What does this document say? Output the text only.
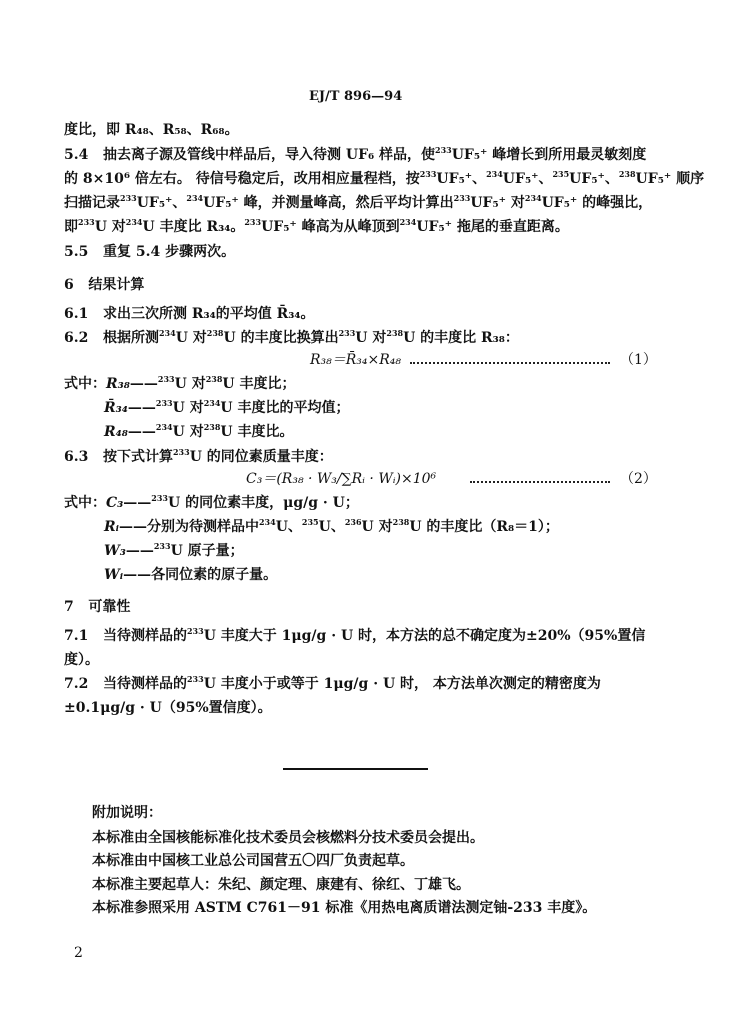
EJ/T 896—94
度比，即 R₄₈、R₅₈、R₆₈。
5.4 抽去离子源及管线中样品后，导入待测 UF₆ 样品，使$^{233}$UF₅⁺ 峰增长到所用最灵敏刻度
的 8×10⁶ 倍左右。 待信号稳定后，改用相应量程档，按$^{233}$UF₅⁺、$^{234}$UF₅⁺、$^{235}$UF₅⁺、$^{238}$UF₅⁺ 顺序
扫描记录$^{233}$UF₅⁺、$^{234}$UF₅⁺ 峰，并测量峰高，然后平均计算出$^{233}$UF₅⁺ 对$^{234}$UF₅⁺ 的峰强比，
即$^{233}$U 对$^{234}$U 丰度比 R₃₄。$^{233}$UF₅⁺ 峰高为从峰顶到$^{234}$UF₅⁺ 拖尾的垂直距离。
5.5 重复 5.4 步骤两次。
6 结果计算
6.1 求出三次所测 R₃₄的平均值 R̄₃₄。
6.2 根据所测$^{234}$U 对$^{238}$U 的丰度比换算出$^{233}$U 对$^{238}$U 的丰度比 R₃₈：
R₃₈＝R̄₃₄×R₄₈	（1）
式中：R₃₈——$^{233}$U 对$^{238}$U 丰度比；
R̄₃₄——$^{233}$U 对$^{234}$U 丰度比的平均值；
R₄₈——$^{234}$U 对$^{238}$U 丰度比。
6.3 按下式计算$^{233}$U 的同位素质量丰度：
C₃＝(R₃₈ · W₃/∑Rᵢ · Wᵢ)×10⁶	（2）
式中：C₃——$^{233}$U 的同位素丰度，μg/g · U；
Rᵢ——分别为待测样品中$^{234}$U、$^{235}$U、$^{236}$U 对$^{238}$U 的丰度比（R₈＝1）；
W₃——$^{233}$U 原子量；
Wᵢ——各同位素的原子量。
7 可靠性
7.1 当待测样品的$^{233}$U 丰度大于 1μg/g · U 时，本方法的总不确定度为±20%（95%置信
度）。
7.2 当待测样品的$^{233}$U 丰度小于或等于 1μg/g · U 时， 本方法单次测定的精密度为
±0.1μg/g · U（95%置信度）。
附加说明：
本标准由全国核能标准化技术委员会核燃料分技术委员会提出。
本标准由中国核工业总公司国营五〇四厂负责起草。
本标准主要起草人：朱纪、颜定理、康建有、徐红、丁雄飞。
本标准参照采用 ASTM C761－91 标准《用热电离质谱法测定铀-233 丰度》。
2
